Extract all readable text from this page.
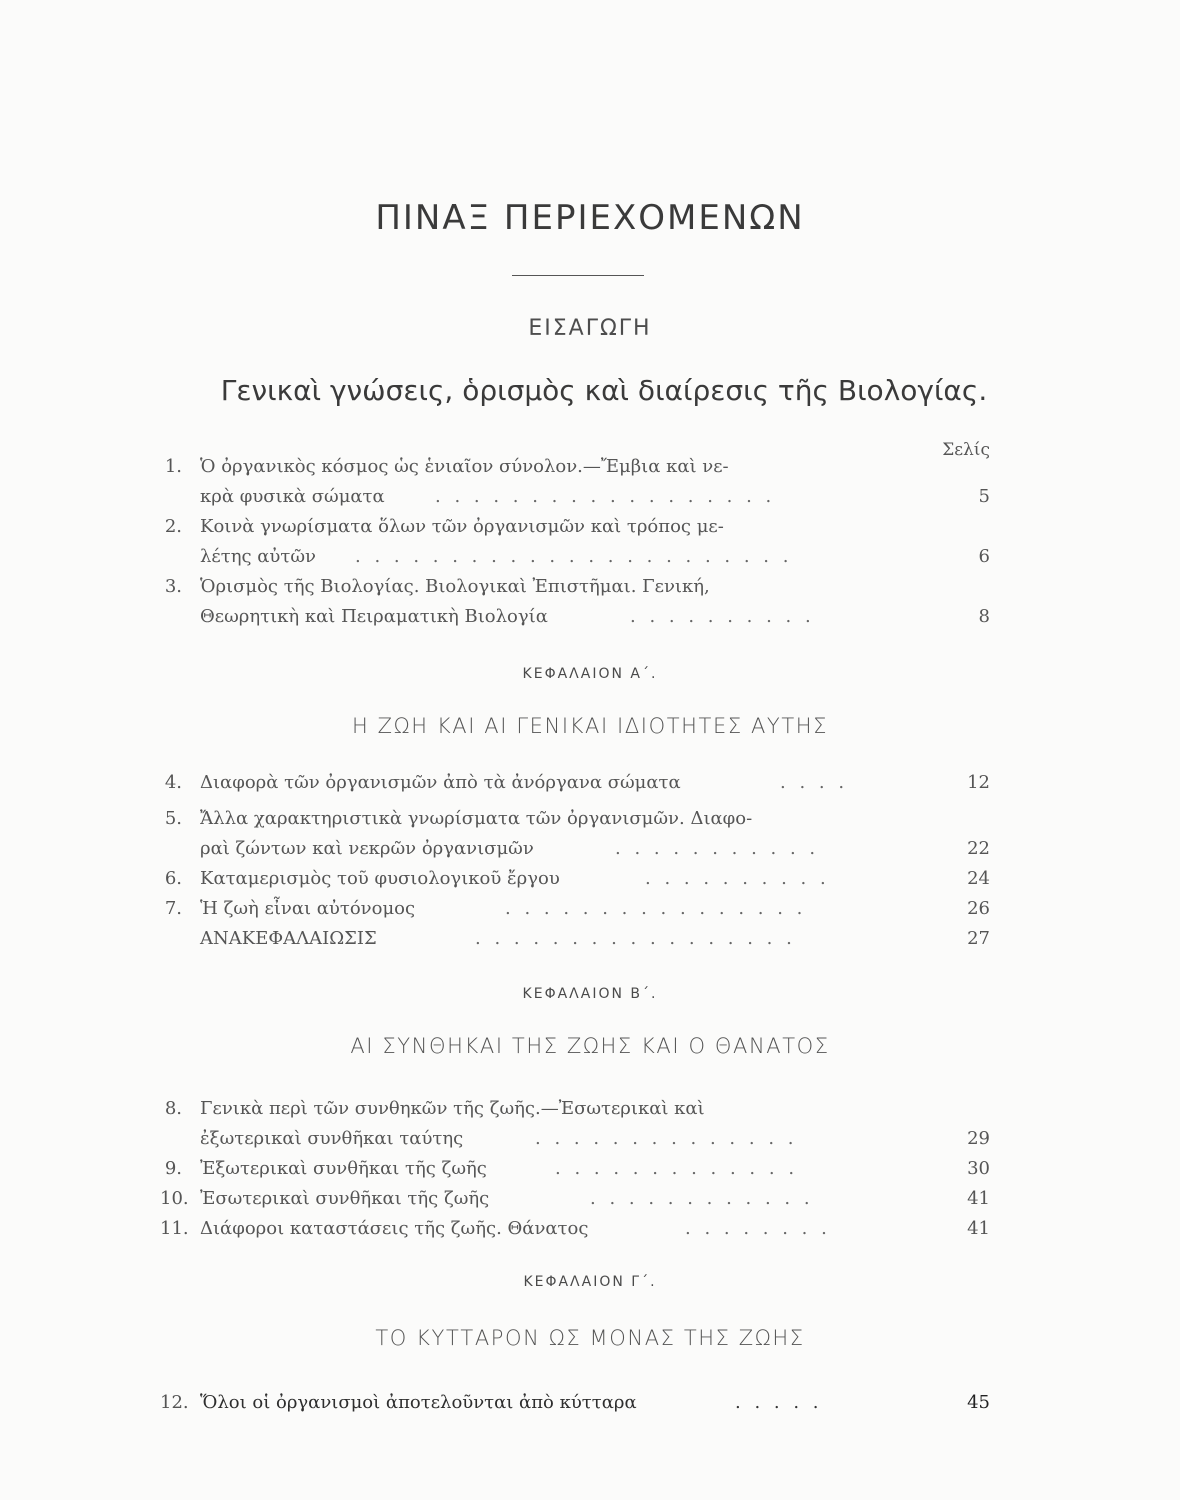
ΠΙΝΑΞ ΠΕΡΙΕΧΟΜΕΝΩΝ
ΕΙΣΑΓΩΓΗ
Γενικαὶ γνώσεις, ὁρισμὸς καὶ διαίρεσις τῆς Βιολογίας.
Σελίς
1. Ὁ ὀργανικὸς κόσμος ὡς ἑνιαῖον σύνολον.—Ἔμβια καὶ νε-
κρὰ φυσικὰ σώματα	. . . . . . . . . . . . . . . . . .	5
2. Κοινὰ γνωρίσματα ὅλων τῶν ὀργανισμῶν καὶ τρόπος με-
λέτης αὐτῶν . . . . . . . . . . . . . . . . . . . . . . .	6
3. Ὁρισμὸς τῆς Βιολογίας. Βιολογικαὶ Ἐπιστῆμαι. Γενική,
Θεωρητικὴ καὶ Πειραματικὴ Βιολογία	. . . . . . . . . .	8
ΚΕΦΑΛΑΙΟΝ Α΄.
Η ΖΩΗ ΚΑΙ ΑΙ ΓΕΝΙΚΑΙ ΙΔΙΟΤΗΤΕΣ ΑΥΤΗΣ
4. Διαφορὰ τῶν ὀργανισμῶν ἀπὸ τὰ ἀνόργανα σώματα	. . . .	12
5. Ἄλλα χαρακτηριστικὰ γνωρίσματα τῶν ὀργανισμῶν. Διαφο-
ραὶ ζώντων καὶ νεκρῶν ὀργανισμῶν	. . . . . . . . . . .	22
6. Καταμερισμὸς τοῦ φυσιολογικοῦ ἔργου	. . . . . . . . . .	24
7. Ἡ ζωὴ εἶναι αὐτόνομος	. . . . . . . . . . . . . . . .	26
ΑΝΑΚΕΦΑΛΑΙΩΣΙΣ	. . . . . . . . . . . . . . . . .	27
ΚΕΦΑΛΑΙΟΝ Β΄.
ΑΙ ΣΥΝΘΗΚΑΙ ΤΗΣ ΖΩΗΣ ΚΑΙ Ο ΘΑΝΑΤΟΣ
8. Γενικὰ περὶ τῶν συνθηκῶν τῆς ζωῆς.—Ἐσωτερικαὶ καὶ
ἐξωτερικαὶ συνθῆκαι ταύτης	. . . . . . . . . . . . . .	29
9. Ἐξωτερικαὶ συνθῆκαι τῆς ζωῆς	. . . . . . . . . . . . .	30
10. Ἐσωτερικαὶ συνθῆκαι τῆς ζωῆς	. . . . . . . . . . . .	41
11. Διάφοροι καταστάσεις τῆς ζωῆς. Θάνατος	. . . . . . . .	41
ΚΕΦΑΛΑΙΟΝ Γ΄.
ΤΟ ΚΥΤΤΑΡΟΝ ΩΣ ΜΟΝΑΣ ΤΗΣ ΖΩΗΣ
12. Ὅλοι οἱ ὀργανισμοὶ ἀποτελοῦνται ἀπὸ κύτταρα	. . . . .	45
